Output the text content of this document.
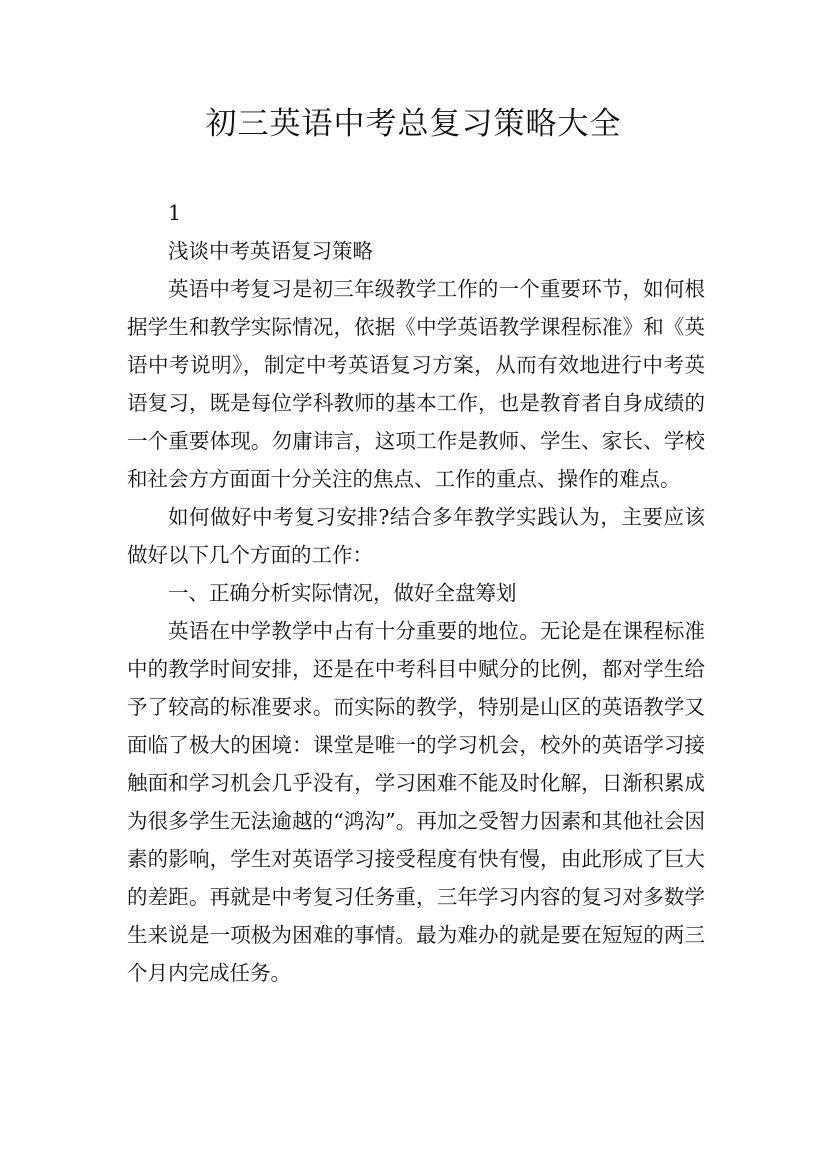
初三英语中考总复习策略大全

1

浅谈中考英语复习策略

英语中考复习是初三年级教学工作的一个重要环节，如何根据学生和教学实际情况，依据《中学英语教学课程标准》和《英语中考说明》，制定中考英语复习方案，从而有效地进行中考英语复习，既是每位学科教师的基本工作，也是教育者自身成绩的一个重要体现。勿庸讳言，这项工作是教师、学生、家长、学校和社会方方面面十分关注的焦点、工作的重点、操作的难点。

如何做好中考复习安排?结合多年教学实践认为，主要应该做好以下几个方面的工作：

一、正确分析实际情况，做好全盘筹划

英语在中学教学中占有十分重要的地位。无论是在课程标准中的教学时间安排，还是在中考科目中赋分的比例，都对学生给予了较高的标准要求。而实际的教学，特别是山区的英语教学又面临了极大的困境：课堂是唯一的学习机会，校外的英语学习接触面和学习机会几乎没有，学习困难不能及时化解，日渐积累成为很多学生无法逾越的“鸿沟”。再加之受智力因素和其他社会因素的影响，学生对英语学习接受程度有快有慢，由此形成了巨大的差距。再就是中考复习任务重，三年学习内容的复习对多数学生来说是一项极为困难的事情。最为难办的就是要在短短的两三个月内完成任务。
